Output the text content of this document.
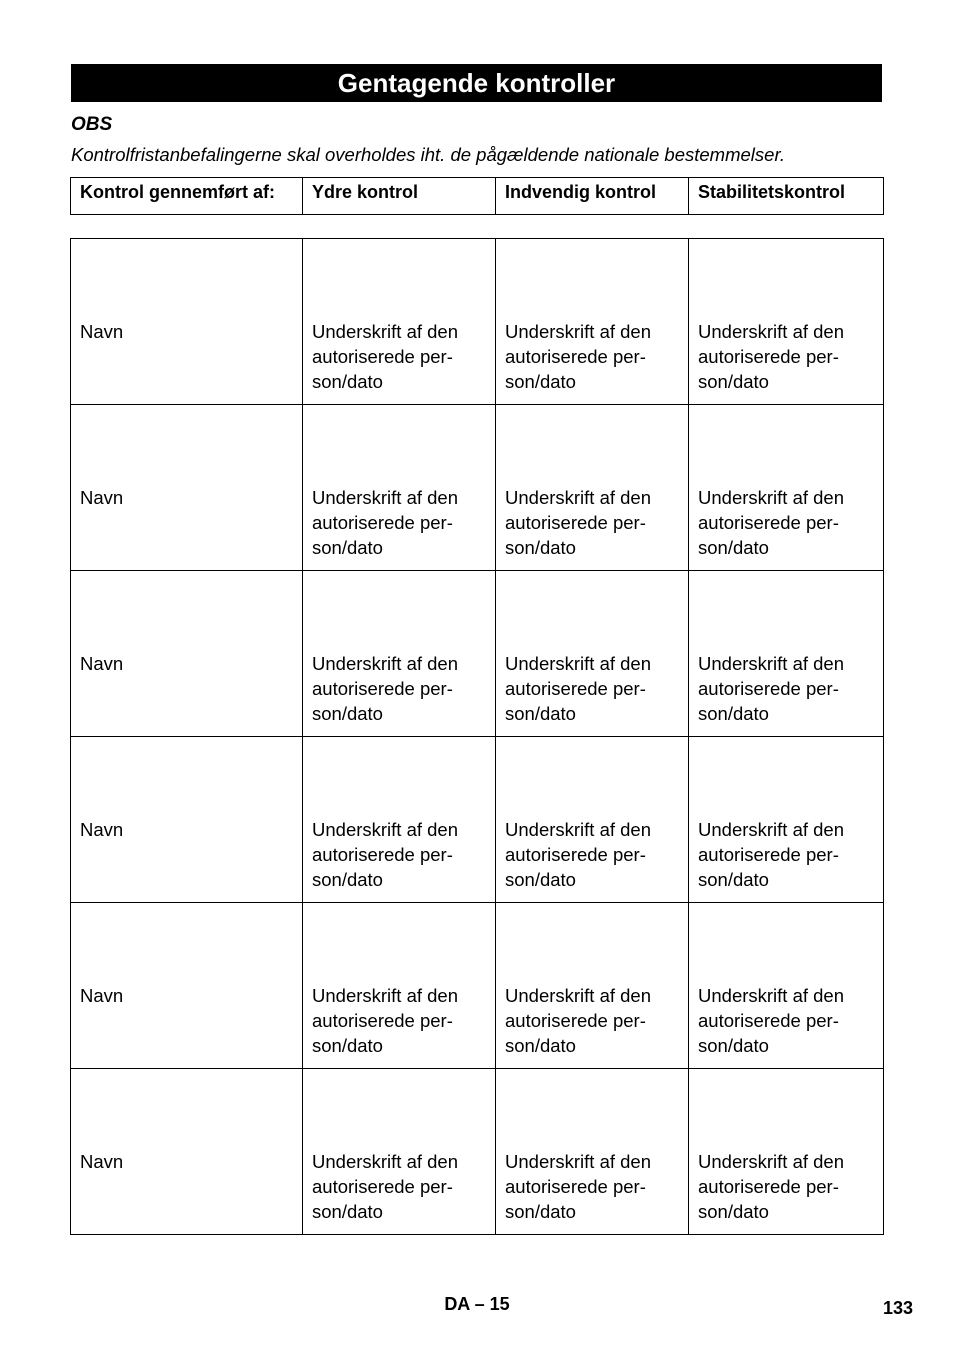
Gentagende kontroller
OBS
Kontrolfristanbefalingerne skal overholdes iht. de pågældende nationale bestemmelser.
Kontrol gennemført af:	Ydre kontrol	Indvendig kontrol	Stabilitetskontrol
Navn	Underskrift af den
autoriserede per-
son/dato	Underskrift af den
autoriserede per-
son/dato	Underskrift af den
autoriserede per-
son/dato
Navn	Underskrift af den
autoriserede per-
son/dato	Underskrift af den
autoriserede per-
son/dato	Underskrift af den
autoriserede per-
son/dato
Navn	Underskrift af den
autoriserede per-
son/dato	Underskrift af den
autoriserede per-
son/dato	Underskrift af den
autoriserede per-
son/dato
Navn	Underskrift af den
autoriserede per-
son/dato	Underskrift af den
autoriserede per-
son/dato	Underskrift af den
autoriserede per-
son/dato
Navn	Underskrift af den
autoriserede per-
son/dato	Underskrift af den
autoriserede per-
son/dato	Underskrift af den
autoriserede per-
son/dato
Navn	Underskrift af den
autoriserede per-
son/dato	Underskrift af den
autoriserede per-
son/dato	Underskrift af den
autoriserede per-
son/dato
DA – 15	133
